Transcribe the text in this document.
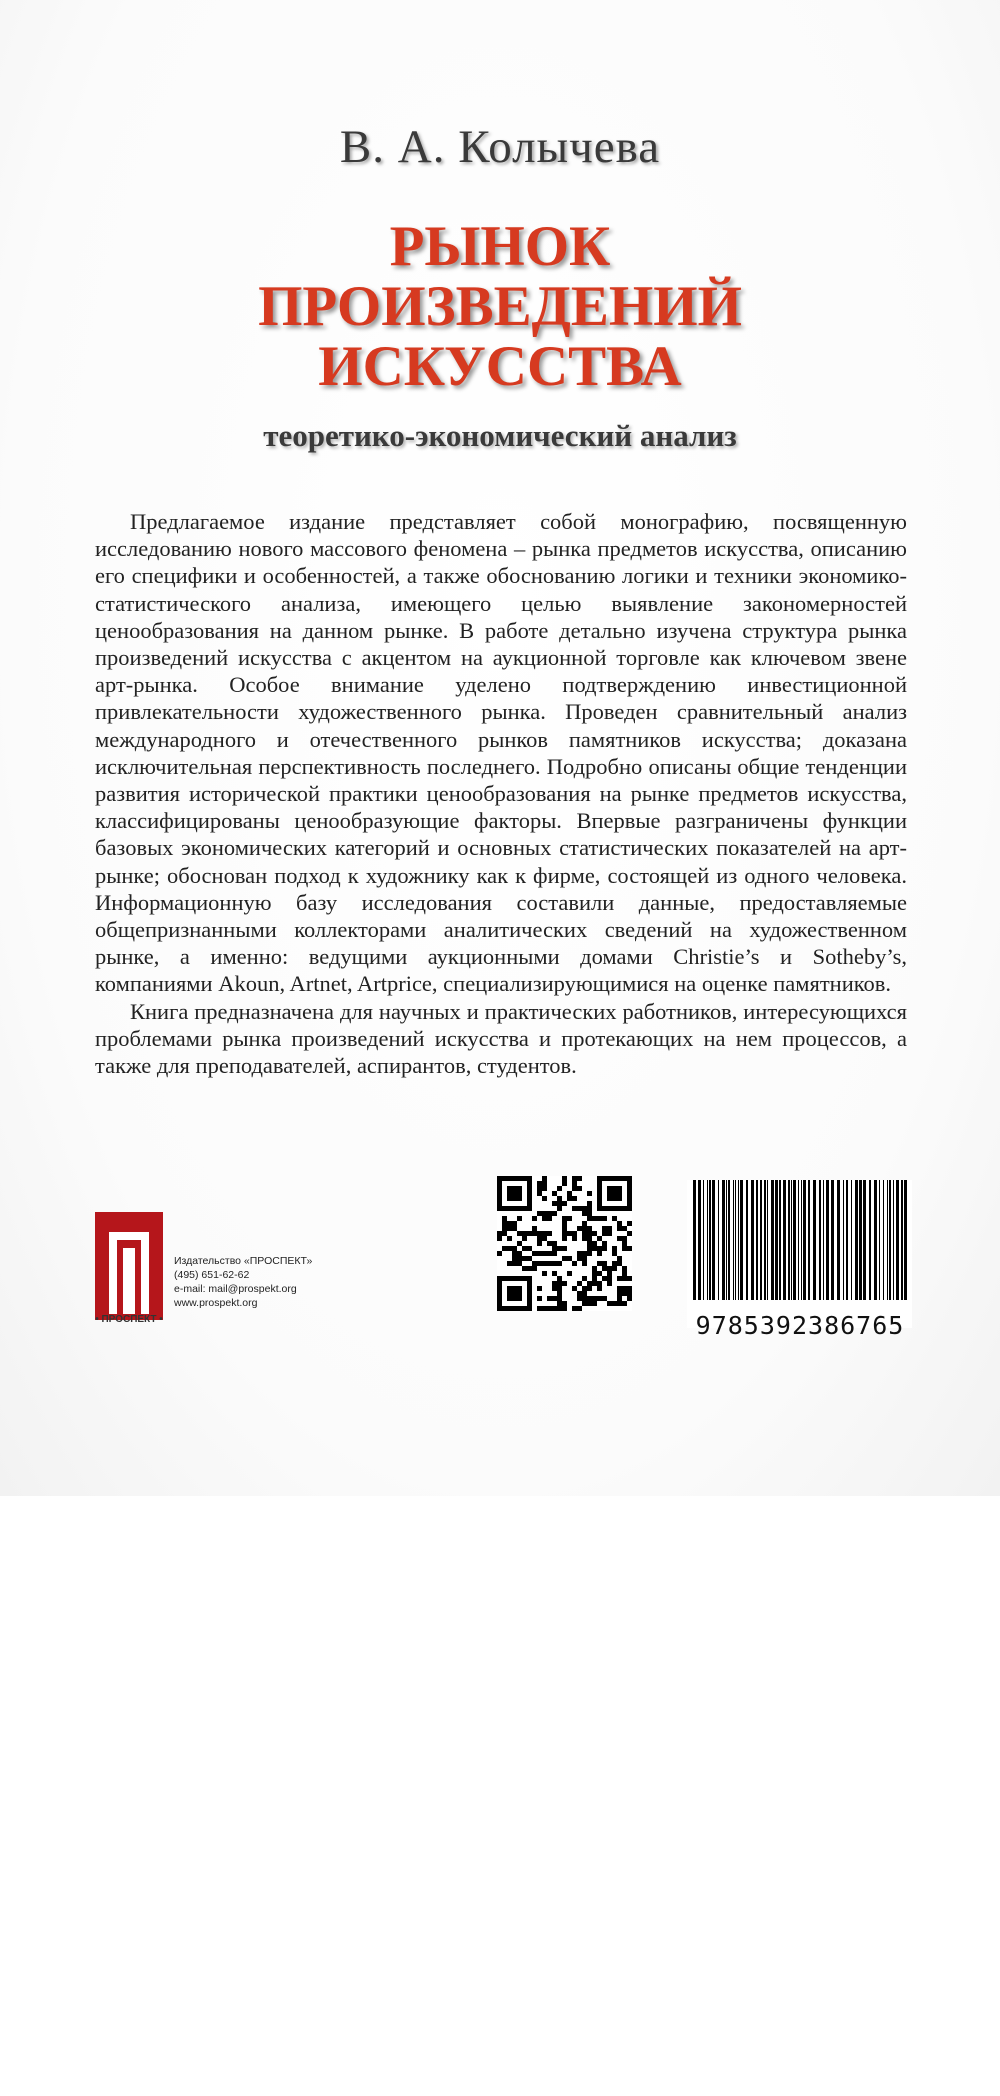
В. А. Колычева
РЫНОК
ПРОИЗВЕДЕНИЙ
ИСКУССТВА
теоретико-экономический анализ

Предлагаемое издание представляет собой монографию, посвященную исследованию нового массового феномена – рынка предметов искусства, описанию его специфики и особенностей, а также обоснованию логики и техники экономико-статистического анализа, имеющего целью выявление закономерностей ценообразования на данном рынке. В работе детально изучена структура рынка произведений искусства с акцентом на аукционной торговле как ключевом звене арт-рынка. Особое внимание уделено подтверждению инвестиционной привлекательности художественного рынка. Проведен сравнительный анализ международного и отечественного рынков памятников искусства; доказана исключительная перспективность последнего. Подробно описаны общие тенденции развития исторической практики ценообразования на рынке предметов искусства, классифицированы ценообразующие факторы. Впервые разграничены функции базовых экономических категорий и основных статистических показателей на арт-рынке; обоснован подход к художнику как к фирме, состоящей из одного человека. Информационную базу исследования составили данные, предоставляемые общепризнанными коллекторами аналитических сведений на художественном рынке, а именно: ведущими аукционными домами Christie’s и Sotheby’s, компаниями Akoun, Artnet, Artprice, специализирующимися на оценке памятников.

Книга предназначена для научных и практических работников, интересующихся проблемами рынка произведений искусства и протекающих на нем процессов, а также для преподавателей, аспирантов, студентов.

• ПРОСПЕКТ •
Издательство «ПРОСПЕКТ»
(495) 651-62-62
e-mail: mail@prospekt.org
www.prospekt.org
9785392386765
